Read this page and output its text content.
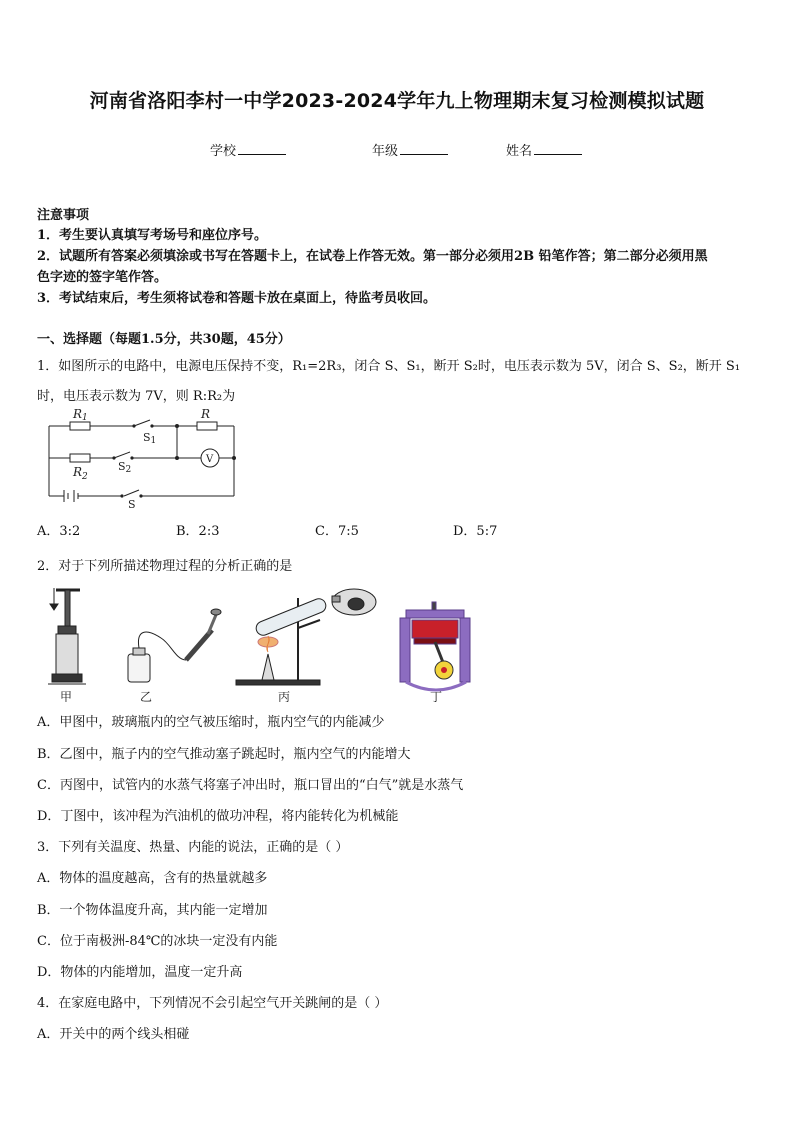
河南省洛阳李村一中学2023-2024学年九上物理期末复习检测模拟试题
学校	年级	姓名
注意事项
1．考生要认真填写考场号和座位序号。
2．试题所有答案必须填涂或书写在答题卡上，在试卷上作答无效。第一部分必须用2B 铅笔作答；第二部分必须用黑
色字迹的签字笔作答。
3．考试结束后，考生须将试卷和答题卡放在桌面上，待监考员收回。
一、选择题（每题1.5分，共30题，45分）
1．如图所示的电路中，电源电压保持不变，R₁=2R₃，闭合 S、S₁，断开 S₂时，电压表示数为 5V，闭合 S、S₂，断开 S₁
时，电压表示数为 7V，则 R:R₂为
R1
$R_2$
R
S1
S2
S
V
A．3:2	B．2:3	C．7:5	D．5:7
2．对于下列所描述物理过程的分析正确的是
甲	乙	丙	丁
A．甲图中，玻璃瓶内的空气被压缩时，瓶内空气的内能减少
B．乙图中，瓶子内的空气推动塞子跳起时，瓶内空气的内能增大
C．丙图中，试管内的水蒸气将塞子冲出时，瓶口冒出的“白气”就是水蒸气
D．丁图中，该冲程为汽油机的做功冲程，将内能转化为机械能
3．下列有关温度、热量、内能的说法，正确的是（ ）
A．物体的温度越高，含有的热量就越多
B．一个物体温度升高，其内能一定增加
C．位于南极洲-84℃的冰块一定没有内能
D．物体的内能增加，温度一定升高
4．在家庭电路中，下列情况不会引起空气开关跳闸的是（ ）
A．开关中的两个线头相碰
